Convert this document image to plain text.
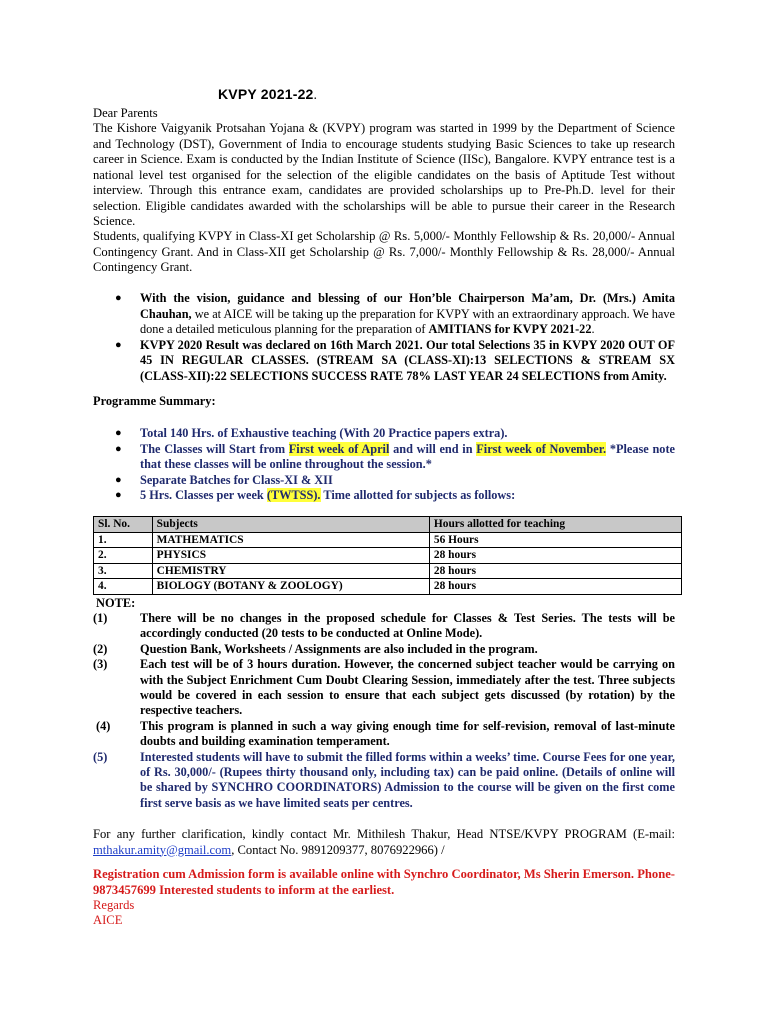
KVPY 2021-22.
Dear Parents
The Kishore Vaigyanik Protsahan Yojana & (KVPY) program was started in 1999 by the Department of Science and Technology (DST), Government of India to encourage students studying Basic Sciences to take up research career in Science. Exam is conducted by the Indian Institute of Science (IISc), Bangalore. KVPY entrance test is a national level test organised for the selection of the eligible candidates on the basis of Aptitude Test without interview. Through this entrance exam, candidates are provided scholarships up to Pre-Ph.D. level for their selection. Eligible candidates awarded with the scholarships will be able to pursue their career in the Research Science.
Students, qualifying KVPY in Class-XI get Scholarship @ Rs. 5,000/- Monthly Fellowship & Rs. 20,000/- Annual Contingency Grant. And in Class-XII get Scholarship @ Rs. 7,000/- Monthly Fellowship & Rs. 28,000/- Annual Contingency Grant.
● With the vision, guidance and blessing of our Hon’ble Chairperson Ma’am, Dr. (Mrs.) Amita Chauhan, we at AICE will be taking up the preparation for KVPY with an extraordinary approach. We have done a detailed meticulous planning for the preparation of AMITIANS for KVPY 2021-22.
● KVPY 2020 Result was declared on 16th March 2021. Our total Selections 35 in KVPY 2020 OUT OF 45 IN REGULAR CLASSES. (STREAM SA (CLASS-XI):13 SELECTIONS & STREAM SX (CLASS-XII):22 SELECTIONS SUCCESS RATE 78% LAST YEAR 24 SELECTIONS from Amity.
Programme Summary:
● Total 140 Hrs. of Exhaustive teaching (With 20 Practice papers extra).
● The Classes will Start from First week of April and will end in First week of November. *Please note that these classes will be online throughout the session.*
● Separate Batches for Class-XI & XII
● 5 Hrs. Classes per week (TWTSS). Time allotted for subjects as follows:
Sl. No.	Subjects	Hours allotted for teaching
1.	MATHEMATICS	56 Hours
2.	PHYSICS	28 hours
3.	CHEMISTRY	28 hours
4.	BIOLOGY (BOTANY & ZOOLOGY)	28 hours
NOTE:
(1)	There will be no changes in the proposed schedule for Classes & Test Series. The tests will be accordingly conducted (20 tests to be conducted at Online Mode).
(2)	Question Bank, Worksheets / Assignments are also included in the program.
(3)	Each test will be of 3 hours duration. However, the concerned subject teacher would be carrying on with the Subject Enrichment Cum Doubt Clearing Session, immediately after the test. Three subjects would be covered in each session to ensure that each subject gets discussed (by rotation) by the respective teachers.
(4) This program is planned in such a way giving enough time for self-revision, removal of last-minute doubts and building examination temperament.
(5)	Interested students will have to submit the filled forms within a weeks’ time. Course Fees for one year, of Rs. 30,000/- (Rupees thirty thousand only, including tax) can be paid online. (Details of online will be shared by SYNCHRO COORDINATORS) Admission to the course will be given on the first come first serve basis as we have limited seats per centres.
For any further clarification, kindly contact Mr. Mithilesh Thakur, Head NTSE/KVPY PROGRAM (E-mail: mthakur.amity@gmail.com, Contact No. 9891209377, 8076922966) /
Registration cum Admission form is available online with Synchro Coordinator, Ms Sherin Emerson. Phone- 9873457699 Interested students to inform at the earliest.
Regards
AICE
